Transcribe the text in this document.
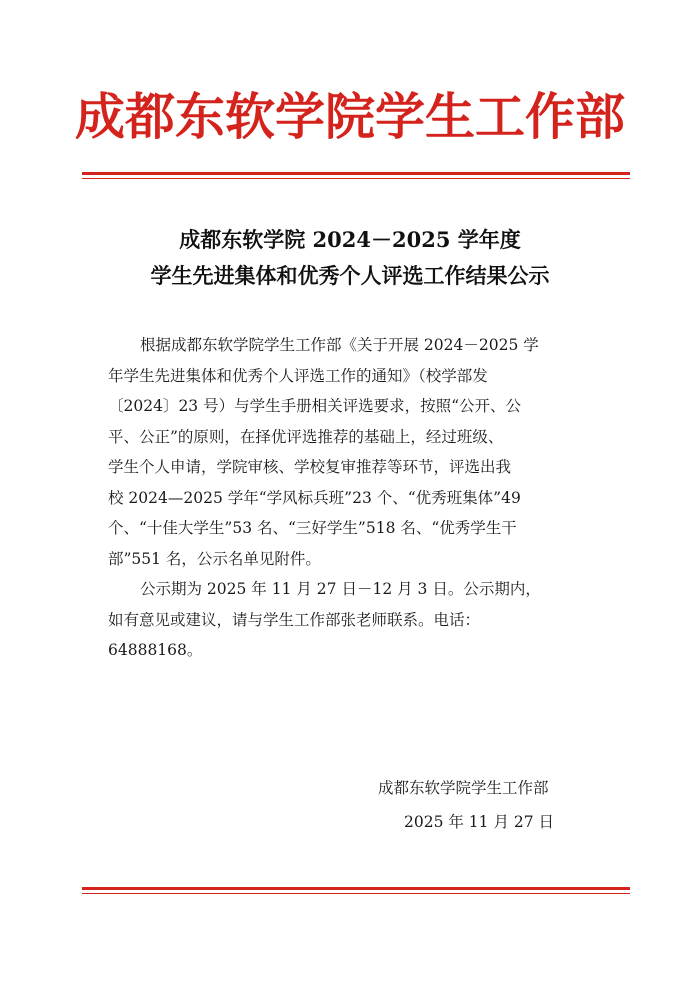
成都东软学院学生工作部
成都东软学院 2024－2025 学年度
学生先进集体和优秀个人评选工作结果公示
根据成都东软学院学生工作部《关于开展 2024－2025 学
年学生先进集体和优秀个人评选工作的通知》（校学部发
〔2024〕23 号）与学生手册相关评选要求，按照“公开、公
平、公正”的原则，在择优评选推荐的基础上，经过班级、
学生个人申请，学院审核、学校复审推荐等环节，评选出我
校 2024—2025 学年“学风标兵班”23 个、“优秀班集体”49
个、“十佳大学生”53 名、“三好学生”518 名、“优秀学生干
部”551 名，公示名单见附件。
公示期为 2025 年 11 月 27 日－12 月 3 日。公示期内，
如有意见或建议，请与学生工作部张老师联系。电话：
64888168。
成都东软学院学生工作部
2025 年 11 月 27 日
